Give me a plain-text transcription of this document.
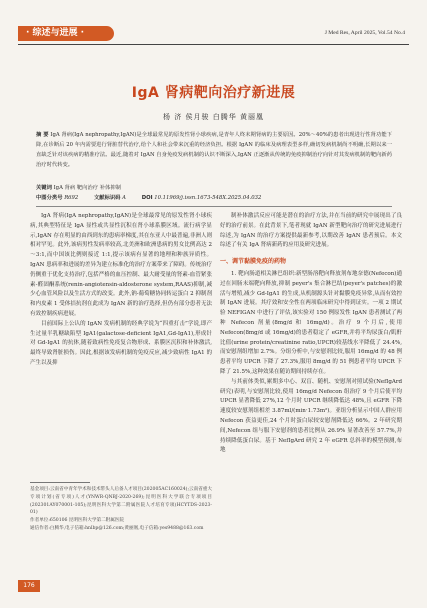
· 综述与进展 ·	J Med Res, April 2025, Vol.54 No.4
IgA 肾病靶向治疗新进展
杨 济 侯月骏 白腾华 黄丽凰
摘 要 IgA 肾病(IgA nephropathy,IgAN)是全球最常见的原发性肾小球疾病,是青年人终末期肾病的主要原因。20%～40%的患者出现进行性肾功能下降,在诊断后 20 年内需要进行肾脏替代治疗,给个人和社会带来沉重的经济负担。根据 IgAN 的临床及病理表型多样,确切发病机制尚不明确,长期以来一直缺乏针对该疾病的精准疗法。最近,随着对 IgAN 自身免疫发病机制的认识不断深入,IgAN 正逐渐从传统的免疫抑制治疗向针对其发病机制的靶向新药治疗时代转变。
关键词 IgA 肾病 靶向治疗 补体抑制
中图分类号 R692	文献标识码 A	DOI 10.11969/j.issn.1673-548X.2025.04.032

IgA 肾病(IgA nephropathy,IgAN)是全球最常见的原发性肾小球疾病,其典型特征是 IgA 显性或共显性沉积在肾小球系膜区域。流行病学显示,IgAN 存在明显的由西到东的患病率梯度,其在东亚人中最普遍,非洲人则相对罕见。此外,该病男性发病率较高,北美洲和欧洲患病的男女比例高达 2～3:1,而中国该比例则接近 1:1,提示该病有显著的地理和种族异质性。IgAN 患病率和进展的差异为建立标准化的治疗方案带来了障碍。传统治疗仍侧重于优化支持治疗,包括严格的血压控制、最大耐受量的肾素-血管紧张素-醛固酮系统(renin-angiotensin-aldosterone system,RAAS)抑制,减少心血管风险以及生活方式的改变。此外,钠-葡萄糖协同转运蛋白 2 抑制剂和内皮素 1 受体拮抗剂在此成为 IgAN 新的治疗选择,但仍有部分患者无法有效控制疾病进展。

目前国际上公认的 IgAN 发病机制的经典学说为“四重打击”学说,即产生过量半乳糖缺陷型 IgA1(galactose-deficient IgA1,Gd-IgA1),形成针对 Gd-IgA1 的抗体,随着致病性免疫复合物形成、系膜区沉积和补体激活,最终导致肾脏损伤。因此,根据该发病机制的免疫反应,减少致病性 IgA1 的产生以及抑

制补体激活反应可能是潜在的治疗方法,并在当前的研究中展现出了良好的治疗前景。在此背景下,笔者现就 IgAN 新型靶向治疗的研究进展进行综述,为 IgAN 的治疗方案提供最新参考,以期改善 IgAN 患者预后。本文综述了有关 IgA 肾病新药的应用及研究进展。

一、调节黏膜免疫的药物

1. 靶向肠道相关淋巴组织:新型肠溶靶向释放剂布地奈德(Nefecon)通过在回肠末端靶向释放,抑制 peyer's 集合淋巴结(peyer's patches)的激活与增殖,减少 Gd-IgA1 的生成,从机制源头针对黏膜免疫异常,从而有效控制 IgAN 进展。其疗效和安全性在两项临床研究中得到证实。一项 2 期试验 NEFIGAN 中进行了评估,该实验对 150 例原发性 IgAN 患者测试了两种 Nefecon 剂量(8mg/d 和 16mg/d)。治疗 9 个月后,使用 Nefecon(8mg/d 或 16mg/d)的患者稳定了 eGFR,并将平均尿蛋白/肌酐比值(urine protein/creatinine ratio,UPCR)较基线水平降低了 24.4%,而安慰剂组增加 2.7%。分组分析中,与安慰剂比较,服用 16mg/d 的 48 例患者平均 UPCR 下降了 27.3%,服用 8mg/d 的 51 例患者平均 UPCR 下降了 21.5%,这种效果在随访期间持续存在。

与其前体类似,累期多中心、双盲、随机、安慰剂对照试验(NefIgArd 研究)表明,与安慰剂比较,使用 16mg/d Nefecon 组治疗 9 个月后使平均 UPCR 显著降低 27%,12 个月时 UPCR 继续降低达 48%,且 eGFR 下降速度较安慰剂组相差 3.87ml/(min·1.73m²)。亚组分析显示中国人群应用 Nefecon 获益更佳,24 个月时蛋白尿较安慰剂降低达 66%。2 年研究期间,Nefecon 组与服下安慰剂的患者比例从 26.9% 显著改善至 57.7%,并持续降低蛋白尿。基于 NefIgArd 研究 2 年 eGFR 总斜率的模型预测,布地

基金项目:云南省中青年学术和技术带头人后备人才项目(202005AC160024);云南省重大专项计划(省专项)人才(YNWR-QNBJ-2020-269);昆明医科大学联合专项项目(202301AY070001-105);昆明医科大学第二附属医院人才培育专项(HCYTDS-2023-01)
作者单位:650106 昆明医科大学第二附属医院
通信作者:白腾华,电子信箱:hnlbp@126.com;黄丽凰,电子信箱:yes9488@163.com
176
